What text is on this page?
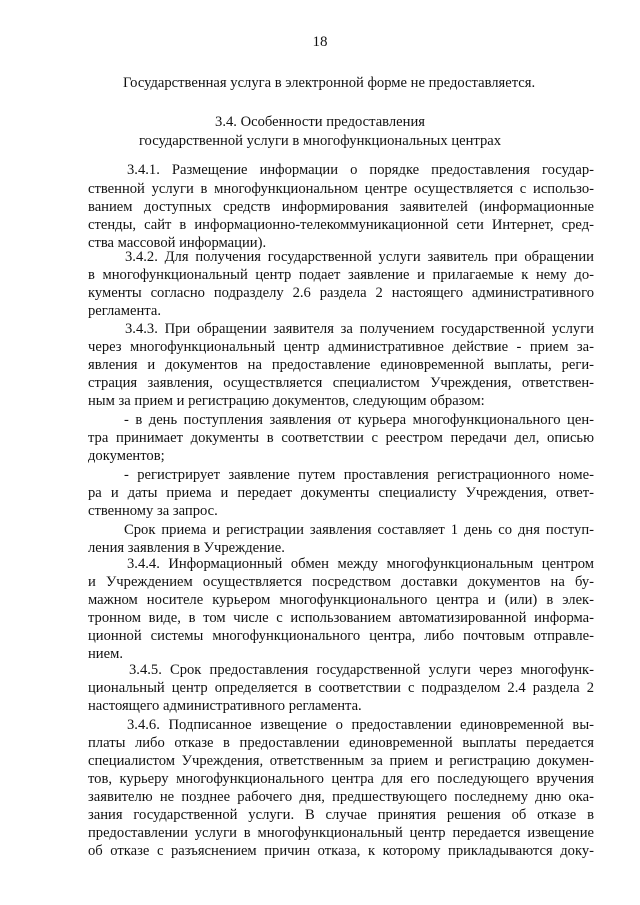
18
Государственная услуга в электронной форме не предоставляется.
3.4. Особенности предоставления
государственной услуги в многофункциональных центрах
3.4.1. Размещение информации о порядке предоставления государ-
ственной услуги в многофункциональном центре осуществляется с использо-
ванием доступных средств информирования заявителей (информационные
стенды, сайт в информационно-телекоммуникационной сети Интернет, сред-
ства массовой информации).
3.4.2. Для получения государственной услуги заявитель при обращении
в многофункциональный центр подает заявление и прилагаемые к нему до-
кументы согласно подразделу 2.6 раздела 2 настоящего административного
регламента.
3.4.3. При обращении заявителя за получением государственной услуги
через многофункциональный центр административное действие - прием за-
явления и документов на предоставление единовременной выплаты, реги-
страция заявления, осуществляется специалистом Учреждения, ответствен-
ным за прием и регистрацию документов, следующим образом:
- в день поступления заявления от курьера многофункционального цен-
тра принимает документы в соответствии с реестром передачи дел, описью
документов;
- регистрирует заявление путем проставления регистрационного номе-
ра и даты приема и передает документы специалисту Учреждения, ответ-
ственному за запрос.
Срок приема и регистрации заявления составляет 1 день со дня поступ-
ления заявления в Учреждение.
3.4.4. Информационный обмен между многофункциональным центром
и Учреждением осуществляется посредством доставки документов на бу-
мажном носителе курьером многофункционального центра и (или) в элек-
тронном виде, в том числе с использованием автоматизированной информа-
ционной системы многофункционального центра, либо почтовым отправле-
нием.
3.4.5. Срок предоставления государственной услуги через многофунк-
циональный центр определяется в соответствии с подразделом 2.4 раздела 2
настоящего административного регламента.
3.4.6. Подписанное извещение о предоставлении единовременной вы-
платы либо отказе в предоставлении единовременной выплаты передается
специалистом Учреждения, ответственным за прием и регистрацию докумен-
тов, курьеру многофункционального центра для его последующего вручения
заявителю не позднее рабочего дня, предшествующего последнему дню ока-
зания государственной услуги. В случае принятия решения об отказе в
предоставлении услуги в многофункциональный центр передается извещение
об отказе с разъяснением причин отказа, к которому прикладываются доку-
